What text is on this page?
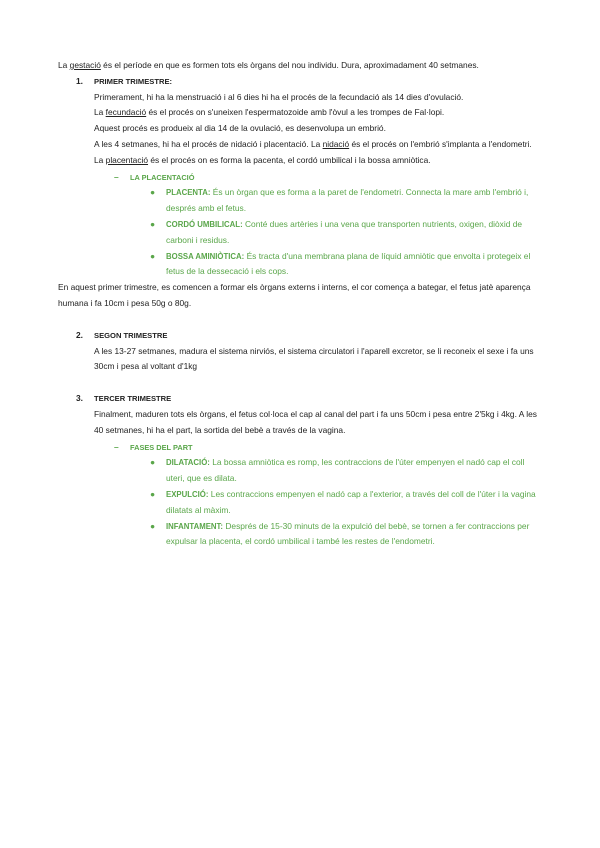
La gestació és el període en que es formen tots els òrgans del nou individu. Dura, aproximadament 40 setmanes.

1. PRIMER TRIMESTRE:

Primerament, hi ha la menstruació i al 6 dies hi ha el procés de la fecundació als 14 dies d'ovulació.

La fecundació és el procés on s'uneixen l'espermatozoide amb l'òvul a les trompes de Fal·lopi.

Aquest procés es produeix al dia 14 de la ovulació, es desenvolupa un embrió.

A les 4 setmanes, hi ha el procés de nidació i placentació. La nidació és el procés on l'embrió s'implanta a l'endometri. La placentació és el procés on es forma la pacenta, el cordó umbilical i la bossa amniòtica.

– LA PLACENTACIÓ
● PLACENTA: És un òrgan que es forma a la paret de l'endometri. Connecta la mare amb l'embrió i, després amb el fetus.
● CORDÓ UMBILICAL: Conté dues artèries i una vena que transporten nutrients, oxigen, diòxid de carboni i residus.
● BOSSA AMINIÒTICA: És tracta d'una membrana plana de líquid amniòtic que envolta i protegeix el fetus de la dessecació i els cops.

En aquest primer trimestre, es comencen a formar els òrgans externs i interns, el cor comença a bategar, el fetus jatè aparença humana i fa 10cm i pesa 50g o 80g.

2. SEGON TRIMESTRE

A les 13-27 setmanes, madura el sistema nirviós, el sistema circulatori i l'aparell excretor, se li reconeix el sexe i fa uns 30cm i pesa al voltant d'1kg

3. TERCER TRIMESTRE

Finalment, maduren tots els òrgans, el fetus col·loca el cap al canal del part i fa uns 50cm i pesa entre 2'5kg i 4kg. A les 40 setmanes, hi ha el part, la sortida del bebè a través de la vagina.

– FASES DEL PART
● DILATACIÓ: La bossa amniòtica es romp, les contraccions de l'úter empenyen el nadó cap el coll uteri, que es dilata.
● EXPULCIÓ: Les contraccions empenyen el nadó cap a l'exterior, a través del coll de l'úter i la vagina dilatats al màxim.
● INFANTAMENT: Després de 15-30 minuts de la expulció del bebè, se tornen a fer contraccions per expulsar la placenta, el cordó umbilical i també les restes de l'endometri.
